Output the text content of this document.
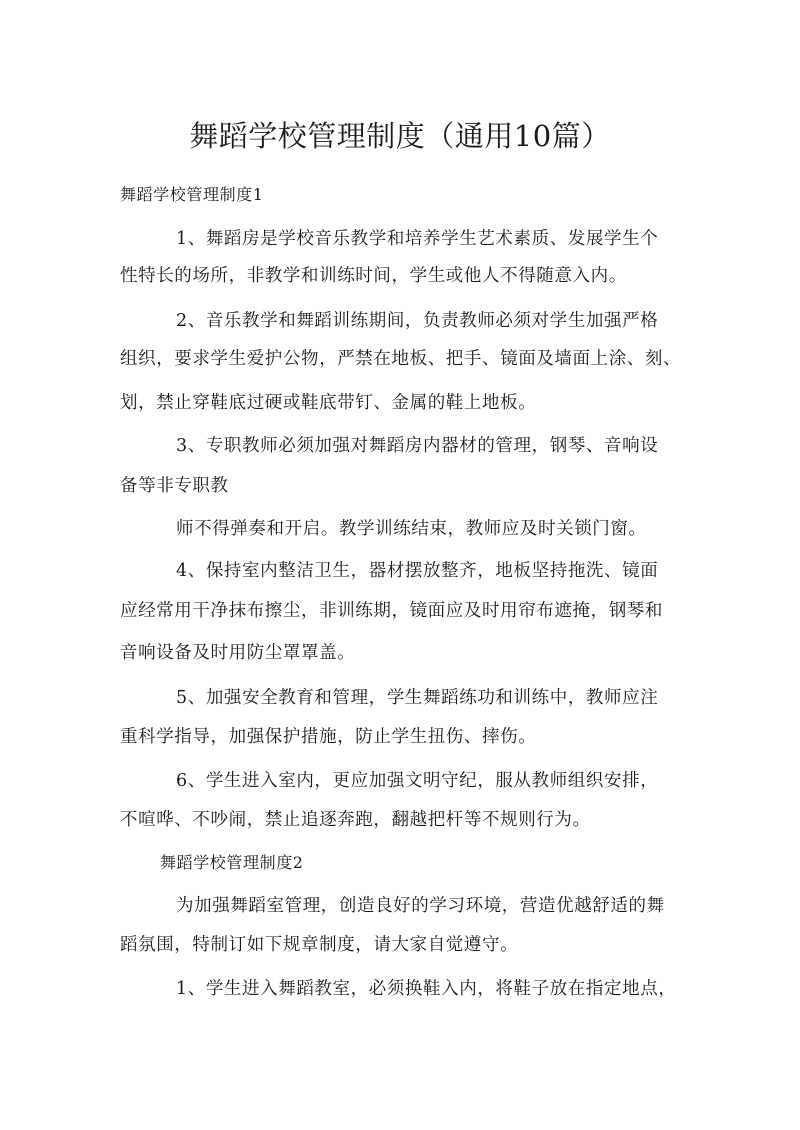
舞蹈学校管理制度（通用10篇）

舞蹈学校管理制度1

1、舞蹈房是学校音乐教学和培养学生艺术素质、发展学生个

性特长的场所，非教学和训练时间，学生或他人不得随意入内。

2、音乐教学和舞蹈训练期间，负责教师必须对学生加强严格

组织，要求学生爱护公物，严禁在地板、把手、镜面及墙面上涂、刻、

划，禁止穿鞋底过硬或鞋底带钉、金属的鞋上地板。

3、专职教师必须加强对舞蹈房内器材的管理，钢琴、音响设

备等非专职教

师不得弹奏和开启。教学训练结束，教师应及时关锁门窗。

4、保持室内整洁卫生，器材摆放整齐，地板坚持拖洗、镜面

应经常用干净抹布擦尘，非训练期，镜面应及时用帘布遮掩，钢琴和

音响设备及时用防尘罩罩盖。

5、加强安全教育和管理，学生舞蹈练功和训练中，教师应注

重科学指导，加强保护措施，防止学生扭伤、摔伤。

6、学生进入室内，更应加强文明守纪，服从教师组织安排，

不喧哗、不吵闹，禁止追逐奔跑，翻越把杆等不规则行为。

舞蹈学校管理制度2

为加强舞蹈室管理，创造良好的学习环境，营造优越舒适的舞

蹈氛围，特制订如下规章制度，请大家自觉遵守。

1、学生进入舞蹈教室，必须换鞋入内，将鞋子放在指定地点，
